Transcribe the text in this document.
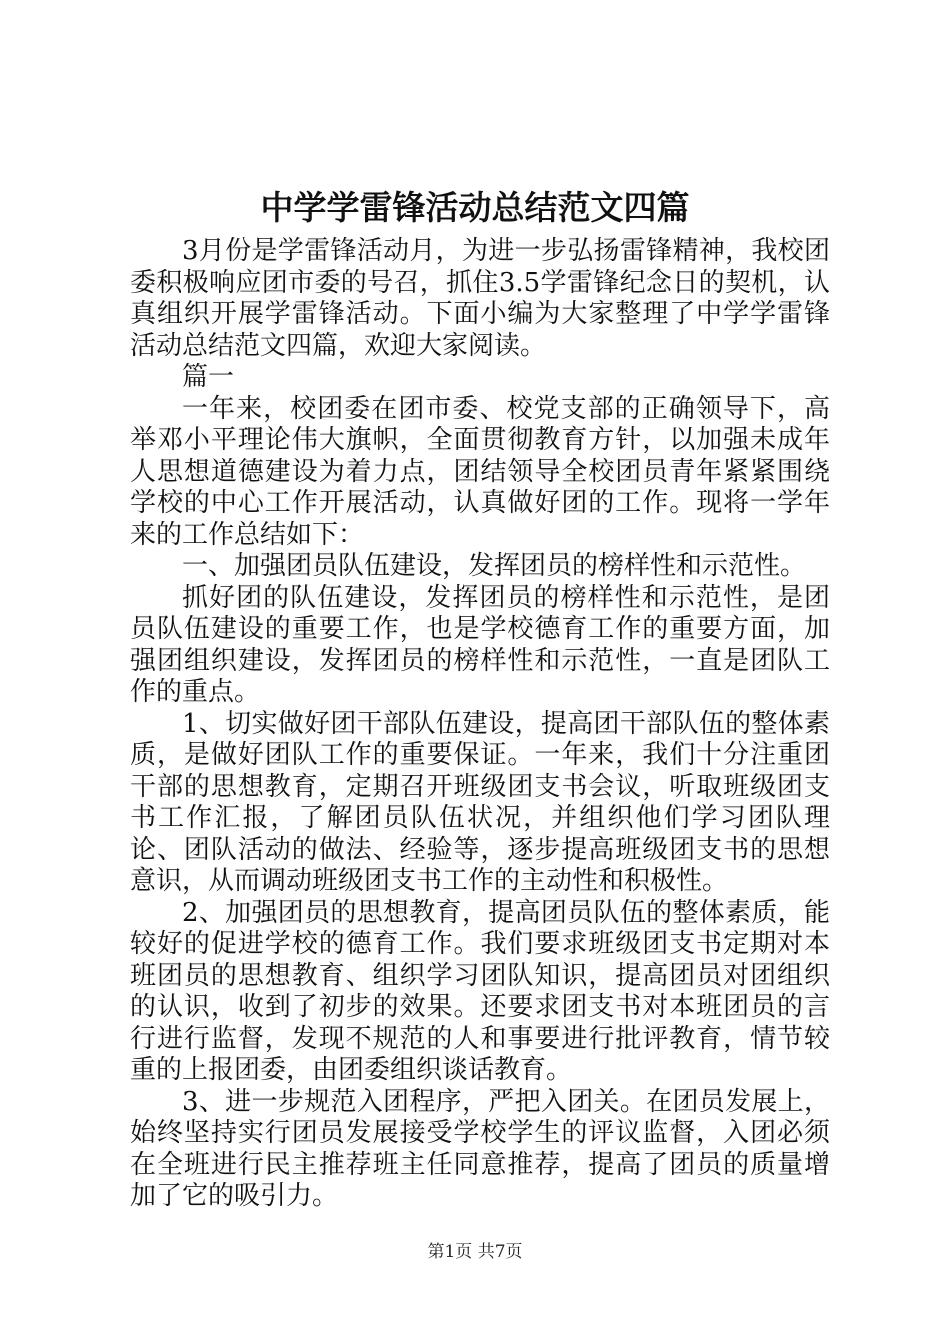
中学学雷锋活动总结范文四篇

3月份是学雷锋活动月，为进一步弘扬雷锋精神，我校团委积极响应团市委的号召，抓住3.5学雷锋纪念日的契机，认真组织开展学雷锋活动。下面小编为大家整理了中学学雷锋活动总结范文四篇，欢迎大家阅读。

篇一

一年来，校团委在团市委、校党支部的正确领导下，高举邓小平理论伟大旗帜，全面贯彻教育方针，以加强未成年人思想道德建设为着力点，团结领导全校团员青年紧紧围绕学校的中心工作开展活动，认真做好团的工作。现将一学年来的工作总结如下：

一、加强团员队伍建设，发挥团员的榜样性和示范性。

抓好团的队伍建设，发挥团员的榜样性和示范性，是团员队伍建设的重要工作，也是学校德育工作的重要方面，加强团组织建设，发挥团员的榜样性和示范性，一直是团队工作的重点。

1、切实做好团干部队伍建设，提高团干部队伍的整体素质，是做好团队工作的重要保证。一年来，我们十分注重团干部的思想教育，定期召开班级团支书会议，听取班级团支书工作汇报，了解团员队伍状况，并组织他们学习团队理论、团队活动的做法、经验等，逐步提高班级团支书的思想意识，从而调动班级团支书工作的主动性和积极性。

2、加强团员的思想教育，提高团员队伍的整体素质，能较好的促进学校的德育工作。我们要求班级团支书定期对本班团员的思想教育、组织学习团队知识，提高团员对团组织的认识，收到了初步的效果。还要求团支书对本班团员的言行进行监督，发现不规范的人和事要进行批评教育，情节较重的上报团委，由团委组织谈话教育。

3、进一步规范入团程序，严把入团关。在团员发展上，始终坚持实行团员发展接受学校学生的评议监督，入团必须在全班进行民主推荐班主任同意推荐，提高了团员的质量增加了它的吸引力。

第1页 共7页
